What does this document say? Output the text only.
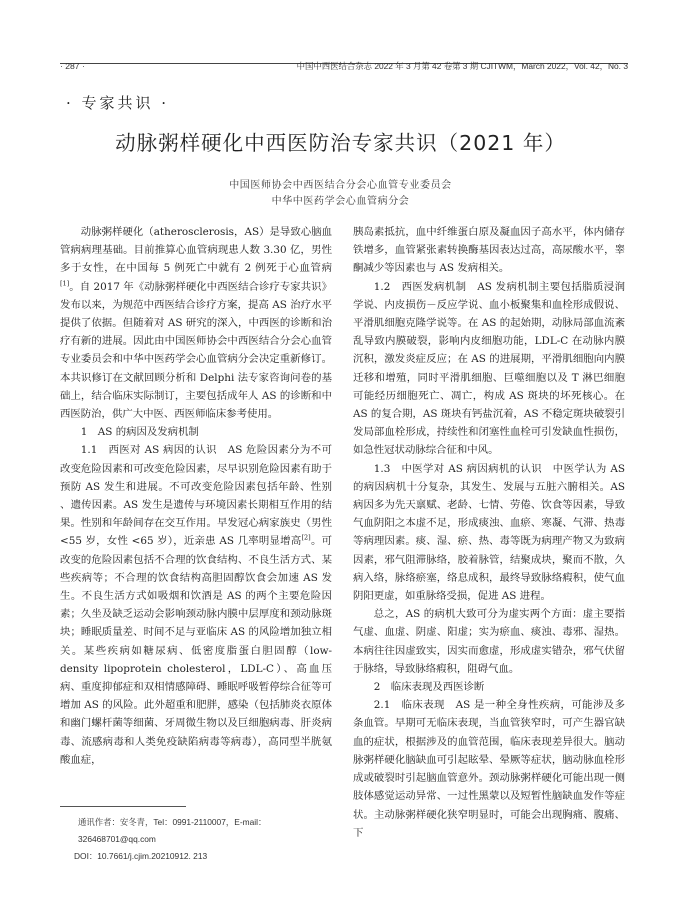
· 287 ·	中国中西医结合杂志 2022 年 3 月第 42 卷第 3 期 CJITWM，March 2022，Vol. 42，No. 3
· 专家共识 ·
动脉粥样硬化中西医防治专家共识（2021 年）
中国医师协会中西医结合分会心血管专业委员会
中华中医药学会心血管病分会

动脉粥样硬化（atherosclerosis，AS）是导致心脑血管病病理基础。目前推算心血管病现患人数 3.30 亿，男性多于女性，在中国每 5 例死亡中就有 2 例死于心血管病[1]。自 2017 年《动脉粥样硬化中西医结合诊疗专家共识》发布以来，为规范中西医结合诊疗方案，提高 AS 治疗水平提供了依据。但随着对 AS 研究的深入，中西医的诊断和治疗有新的进展。因此由中国医师协会中西医结合分会心血管专业委员会和中华中医药学会心血管病分会决定重新修订。本共识修订在文献回顾分析和 Delphi 法专家咨询问卷的基础上，结合临床实际制订，主要包括成年人 AS 的诊断和中西医防治，供广大中医、西医师临床参考使用。

1　AS 的病因及发病机制

1.1　西医对 AS 病因的认识　AS 危险因素分为不可改变危险因素和可改变危险因素，尽早识别危险因素有助于预防 AS 发生和进展。不可改变危险因素包括年龄、性别 、遗传因素。AS 发生是遗传与环境因素长期相互作用的结果。性别和年龄间存在交互作用。早发冠心病家族史（男性 <55 岁，女性 <65 岁），近亲患 AS 几率明显增高[2]。可改变的危险因素包括不合理的饮食结构、不良生活方式、某些疾病等；不合理的饮食结构高胆固醇饮食会加速 AS 发生。不良生活方式如吸烟和饮酒是 AS 的两个主要危险因素；久坐及缺乏运动会影响颈动脉内膜中层厚度和颈动脉斑块；睡眠质量差、时间不足与亚临床 AS 的风险增加独立相关。某些疾病如糖尿病、低密度脂蛋白胆固醇（low-density lipoprotein cholesterol，LDL-C）、高血压病、重度抑郁症和双相情感障碍、睡眠呼吸暂停综合征等可增加 AS 的风险。此外超重和肥胖，感染（包括肺炎衣原体和幽门螺杆菌等细菌、牙周微生物以及巨细胞病毒、肝炎病毒、流感病毒和人类免疫缺陷病毒等病毒），高同型半胱氨酸血症，

胰岛素抵抗，血中纤维蛋白原及凝血因子高水平，体内储存铁增多，血管紧张素转换酶基因表达过高，高尿酸水平，睾酮减少等因素也与 AS 发病相关。

1.2　西医发病机制　AS 发病机制主要包括脂质浸润学说、内皮损伤－反应学说、血小板聚集和血栓形成假说、平滑肌细胞克隆学说等。在 AS 的起始期，动脉局部血流紊乱导致内膜破裂，影响内皮细胞功能，LDL-C 在动脉内膜沉积，激发炎症反应；在 AS 的进展期，平滑肌细胞向内膜迁移和增殖，同时平滑肌细胞、巨噬细胞以及 T 淋巴细胞可能经历细胞死亡、凋亡，构成 AS 斑块的坏死核心。在 AS 的复合期，AS 斑块有钙盐沉着，AS 不稳定斑块破裂引发局部血栓形成，持续性和闭塞性血栓可引发缺血性损伤，如急性冠状动脉综合征和中风。

1.3　中医学对 AS 病因病机的认识　中医学认为 AS 的病因病机十分复杂，其发生、发展与五脏六腑相关。AS 病因多为先天禀赋、老龄、七情、劳倦、饮食等因素，导致气血阴阳之本虚不足，形成痰浊、血瘀、寒凝、气滞、热毒等病理因素。痰、湿、瘀、热、毒等既为病理产物又为致病因素，邪气阻滞脉络，胶着脉管，结聚成块，聚而不散，久病入络，脉络瘀塞，络息成积，最终导致脉络瘕积，使气血阴阳更虚，如重脉络受损，促进 AS 进程。

总之，AS 的病机大致可分为虚实两个方面：虚主要指气虚、血虚、阴虚、阳虚；实为瘀血、痰浊、毒邪、湿热。本病往往因虚致实，因实而愈虚，形成虚实错杂，邪气伏留于脉络，导致脉络瘕积，阻碍气血。

2　临床表现及西医诊断

2.1　临床表现　AS 是一种全身性疾病，可能涉及多条血管。早期可无临床表现，当血管狭窄时，可产生器官缺血的症状，根据涉及的血管范围，临床表现差异很大。脑动脉粥样硬化脑缺血可引起眩晕、晕厥等症状，脑动脉血栓形成或破裂时引起脑血管意外。颈动脉粥样硬化可能出现一侧肢体感觉运动异常、一过性黑蒙以及短暂性脑缺血发作等症状。主动脉粥样硬化狭窄明显时，可能会出现胸痛、腹痛、下

通讯作者：安冬青，Tel：0991-2110007，E-mail：326468701@qq.com
DOI：10.7661/j.cjim.20210912. 213
